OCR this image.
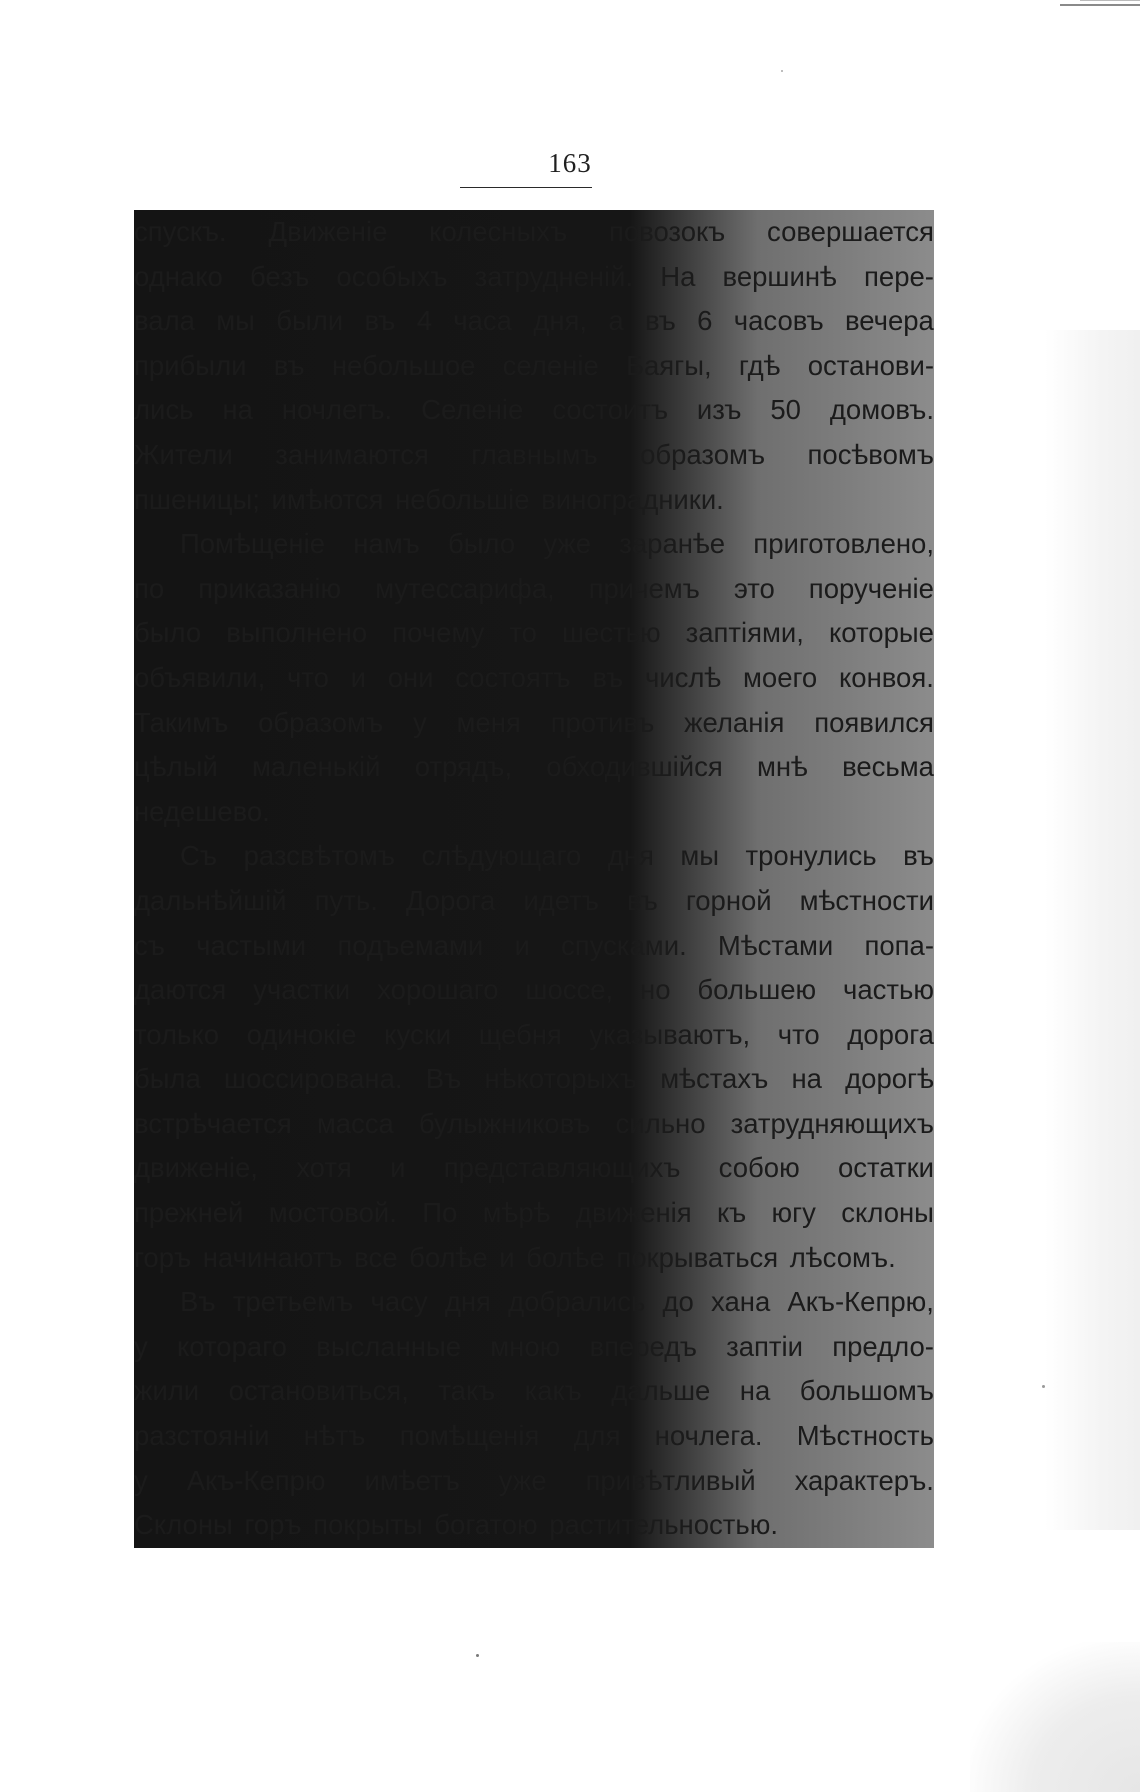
163
спускъ. Движеніе колесныхъ повозокъ совершается
однако безъ особыхъ затрудненій. На вершинѣ пере-
вала мы были въ 4 часа дня, а въ 6 часовъ вечера
прибыли въ небольшое селеніе Баягы, гдѣ останови-
лись на ночлегъ. Селеніе состоитъ изъ 50 домовъ.
Жители занимаются главнымъ образомъ посѣвомъ
пшеницы; имѣются небольшіе виноградники.
Помѣщеніе намъ было уже заранѣе приготовлено,
по приказанію мутессарифа, причемъ это порученіе
было выполнено почему то шестью заптіями, которые
объявили, что и они состоятъ въ числѣ моего конвоя.
Такимъ образомъ у меня противъ желанія появился
цѣлый маленькій отрядъ, обходившійся мнѣ весьма
недешево.
Съ разсвѣтомъ слѣдующаго дня мы тронулись въ
дальнѣйшій путь. Дорога идетъ въ горной мѣстности
съ частыми подъемами и спусками. Мѣстами попа-
даются участки хорошаго шоссе, но большею частью
только одинокіе куски щебня указываютъ, что дорога
была шоссирована. Въ нѣкоторыхъ мѣстахъ на дорогѣ
встрѣчается масса булыжниковъ сильно затрудняющихъ
движеніе, хотя и представляющихъ собою остатки
прежней мостовой. По мѣрѣ движенія къ югу склоны
горъ начинаютъ все болѣе и болѣе покрываться лѣсомъ.
Въ третьемъ часу дня добрались до хана Акъ-Кепрю,
у котораго высланные мною впередъ заптіи предло-
жили остановиться, такъ какъ дальше на большомъ
разстояніи нѣтъ помѣщенія для ночлега. Мѣстность
у Акъ-Кепрю имѣетъ уже привѣтливый характеръ.
Склоны горъ покрыты богатою растительностью.
